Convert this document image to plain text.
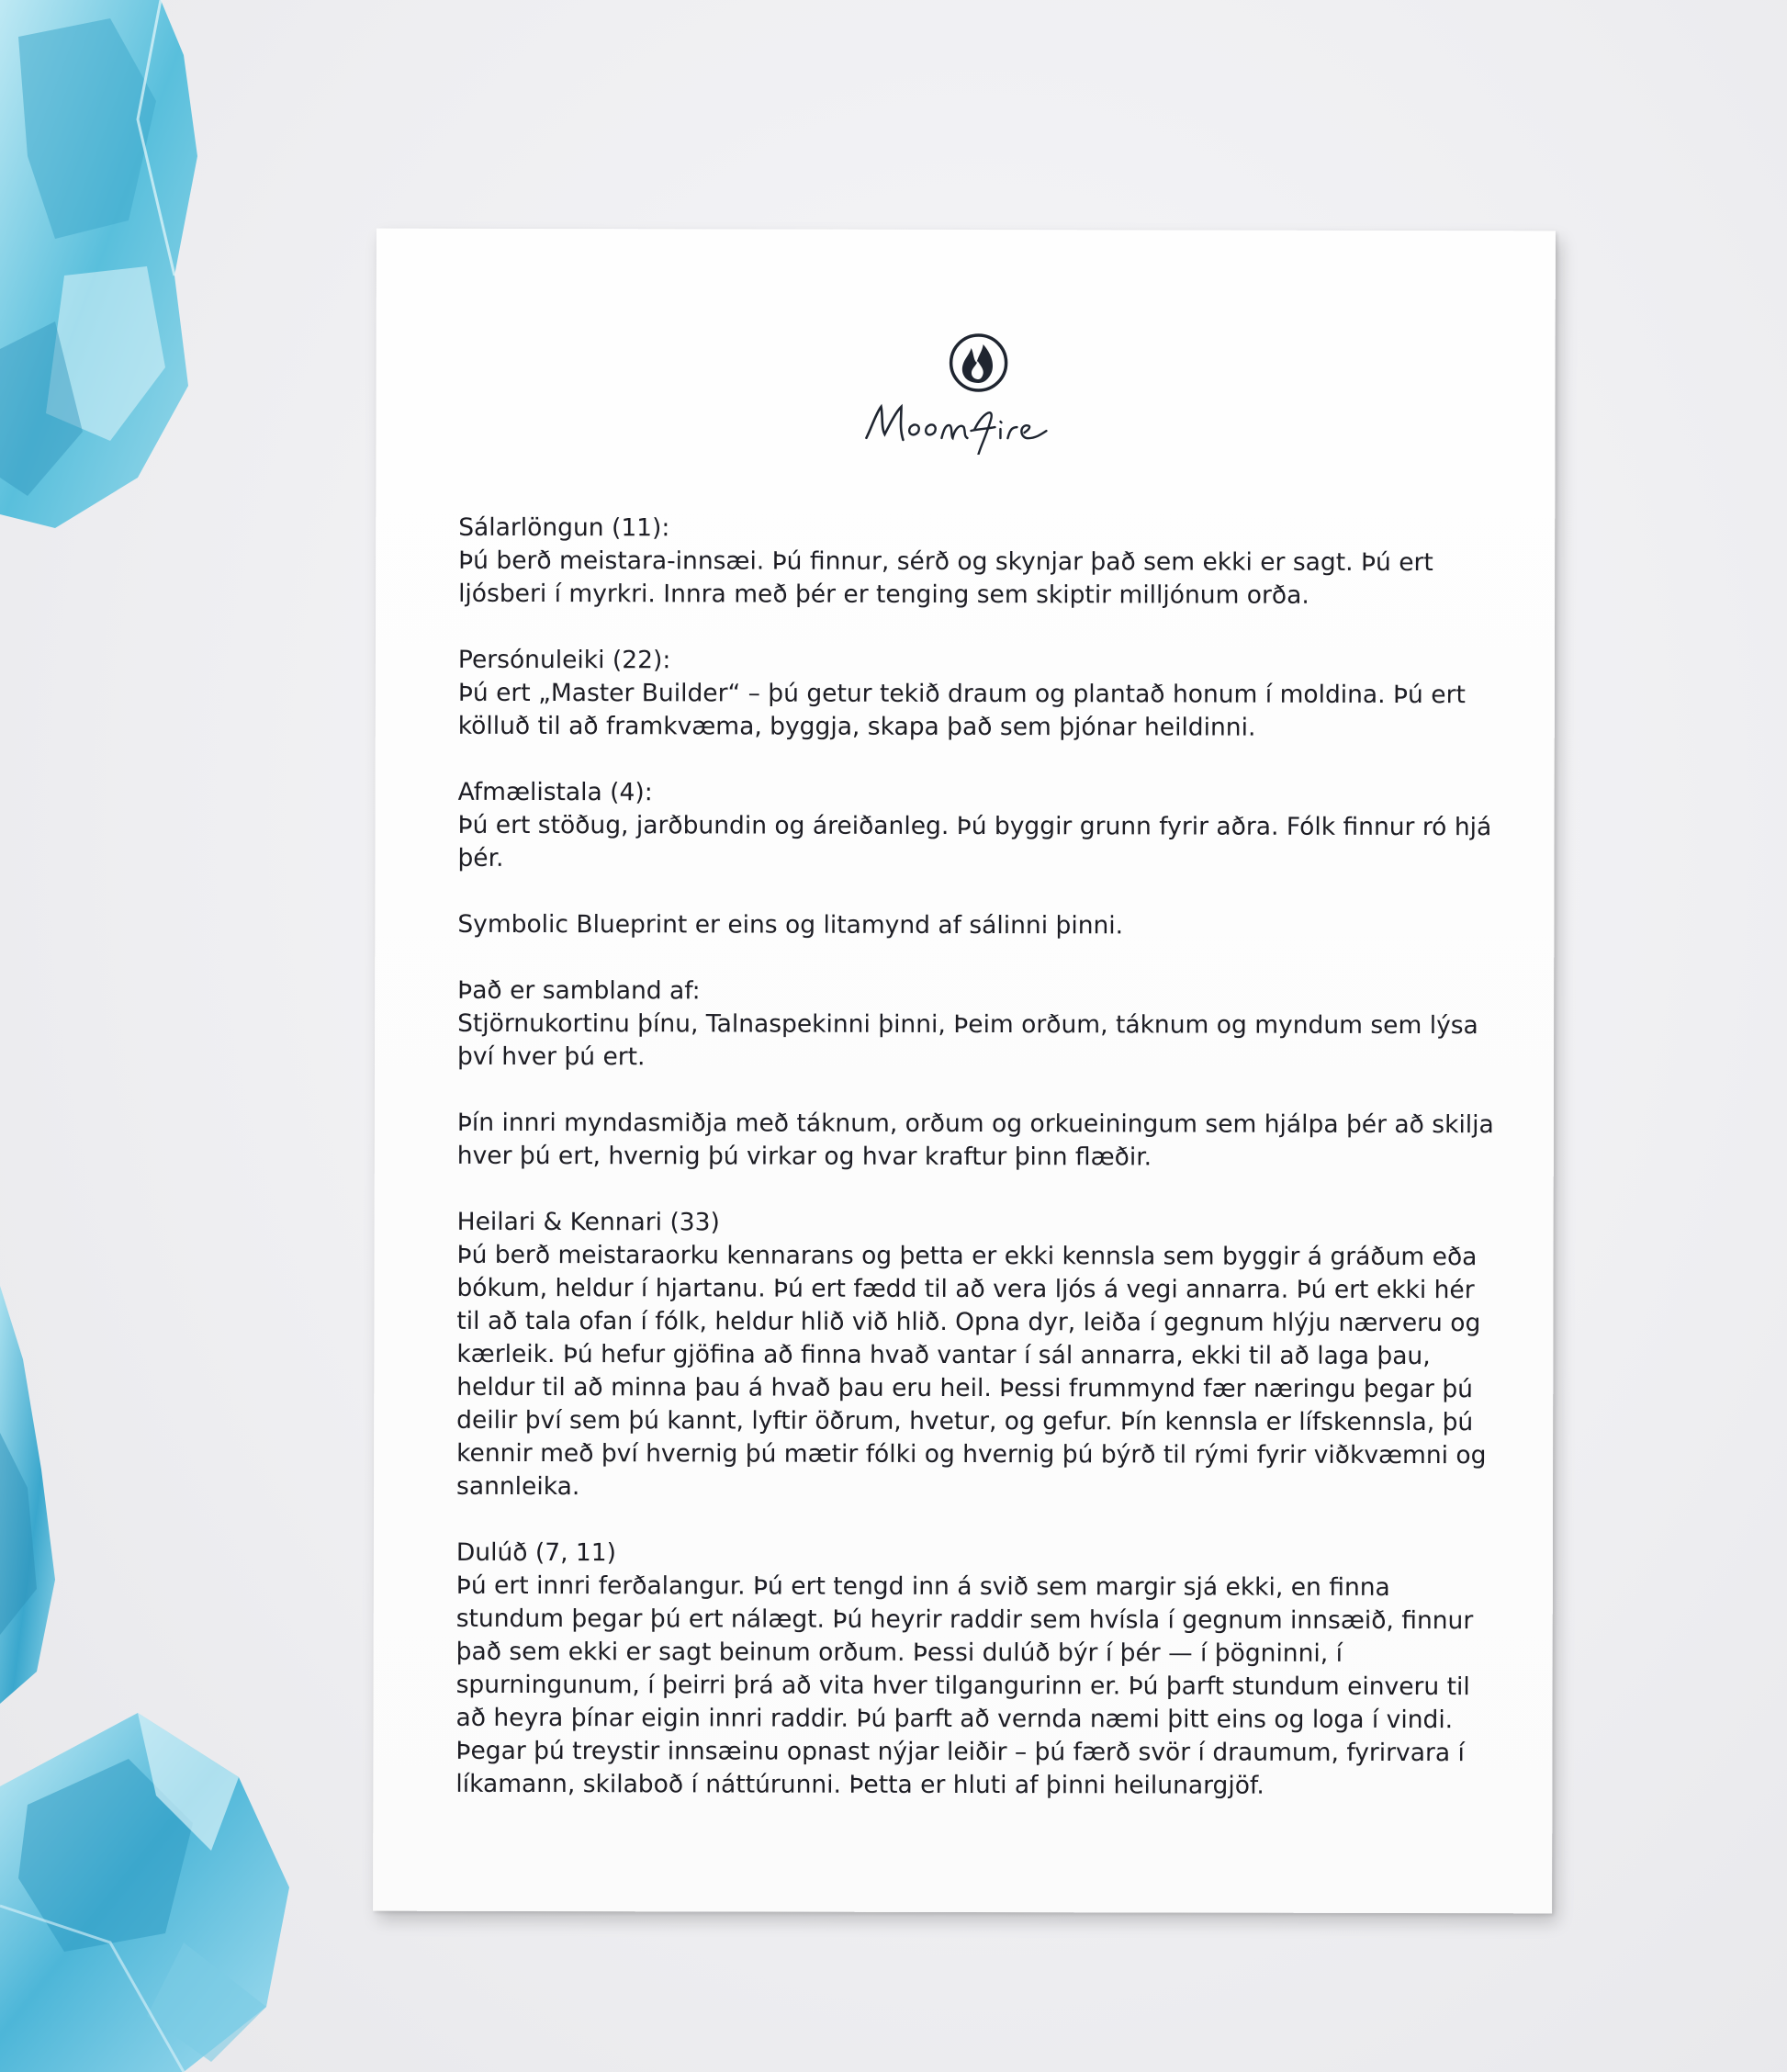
Sálarlöngun (11):
Þú berð meistara-innsæi. Þú finnur, sérð og skynjar það sem ekki er sagt. Þú ert ljósberi í myrkri. Innra með þér er tenging sem skiptir milljónum orða.
Persónuleiki (22):
Þú ert „Master Builder“ – þú getur tekið draum og plantað honum í moldina. Þú ert kölluð til að framkvæma, byggja, skapa það sem þjónar heildinni.
Afmælistala (4):
Þú ert stöðug, jarðbundin og áreiðanleg. Þú byggir grunn fyrir aðra. Fólk finnur ró hjá þér.
Symbolic Blueprint er eins og litamynd af sálinni þinni.
Það er sambland af:
Stjörnukortinu þínu, Talnaspekinni þinni, Þeim orðum, táknum og myndum sem lýsa því hver þú ert.
Þín innri myndasmiðja með táknum, orðum og orkueiningum sem hjálpa þér að skilja hver þú ert, hvernig þú virkar og hvar kraftur þinn flæðir.
Heilari & Kennari (33)
Þú berð meistaraorku kennarans og þetta er ekki kennsla sem byggir á gráðum eða bókum, heldur í hjartanu. Þú ert fædd til að vera ljós á vegi annarra. Þú ert ekki hér til að tala ofan í fólk, heldur hlið við hlið. Opna dyr, leiða í gegnum hlýju nærveru og kærleik. Þú hefur gjöfina að finna hvað vantar í sál annarra, ekki til að laga þau, heldur til að minna þau á hvað þau eru heil. Þessi frummynd fær næringu þegar þú deilir því sem þú kannt, lyftir öðrum, hvetur, og gefur. Þín kennsla er lífskennsla, þú kennir með því hvernig þú mætir fólki og hvernig þú býrð til rými fyrir viðkvæmni og sannleika.
Dulúð (7, 11)
Þú ert innri ferðalangur. Þú ert tengd inn á svið sem margir sjá ekki, en finna stundum þegar þú ert nálægt. Þú heyrir raddir sem hvísla í gegnum innsæið, finnur það sem ekki er sagt beinum orðum. Þessi dulúð býr í þér — í þögninni, í spurningunum, í þeirri þrá að vita hver tilgangurinn er. Þú þarft stundum einveru til að heyra þínar eigin innri raddir. Þú þarft að vernda næmi þitt eins og loga í vindi. Þegar þú treystir innsæinu opnast nýjar leiðir – þú færð svör í draumum, fyrirvara í líkamann, skilaboð í náttúrunni. Þetta er hluti af þinni heilunargjöf.
